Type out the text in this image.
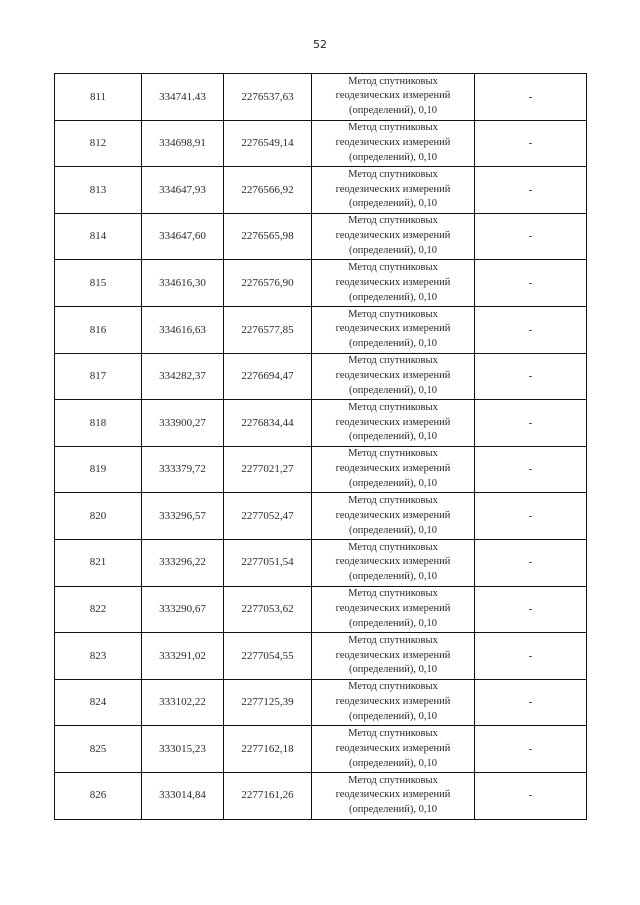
52
811	334741.43	2276537,63	Метод спутниковых
геодезических измерений
(определений), 0,10	-
812	334698,91	2276549,14	Метод спутниковых
геодезических измерений
(определений), 0,10	-
813	334647,93	2276566,92	Метод спутниковых
геодезических измерений
(определений), 0,10	-
814	334647,60	2276565,98	Метод спутниковых
геодезических измерений
(определений), 0,10	-
815	334616,30	2276576,90	Метод спутниковых
геодезических измерений
(определений), 0,10	-
816	334616,63	2276577,85	Метод спутниковых
геодезических измерений
(определений), 0,10	-
817	334282,37	2276694,47	Метод спутниковых
геодезических измерений
(определений), 0,10	-
818	333900,27	2276834,44	Метод спутниковых
геодезических измерений
(определений), 0,10	-
819	333379,72	2277021,27	Метод спутниковых
геодезических измерений
(определений), 0,10	-
820	333296,57	2277052,47	Метод спутниковых
геодезических измерений
(определений), 0,10	-
821	333296,22	2277051,54	Метод спутниковых
геодезических измерений
(определений), 0,10	-
822	333290,67	2277053,62	Метод спутниковых
геодезических измерений
(определений), 0,10	-
823	333291,02	2277054,55	Метод спутниковых
геодезических измерений
(определений), 0,10	-
824	333102,22	2277125,39	Метод спутниковых
геодезических измерений
(определений), 0,10	-
825	333015,23	2277162,18	Метод спутниковых
геодезических измерений
(определений), 0,10	-
826	333014,84	2277161,26	Метод спутниковых
геодезических измерений
(определений), 0,10	-
